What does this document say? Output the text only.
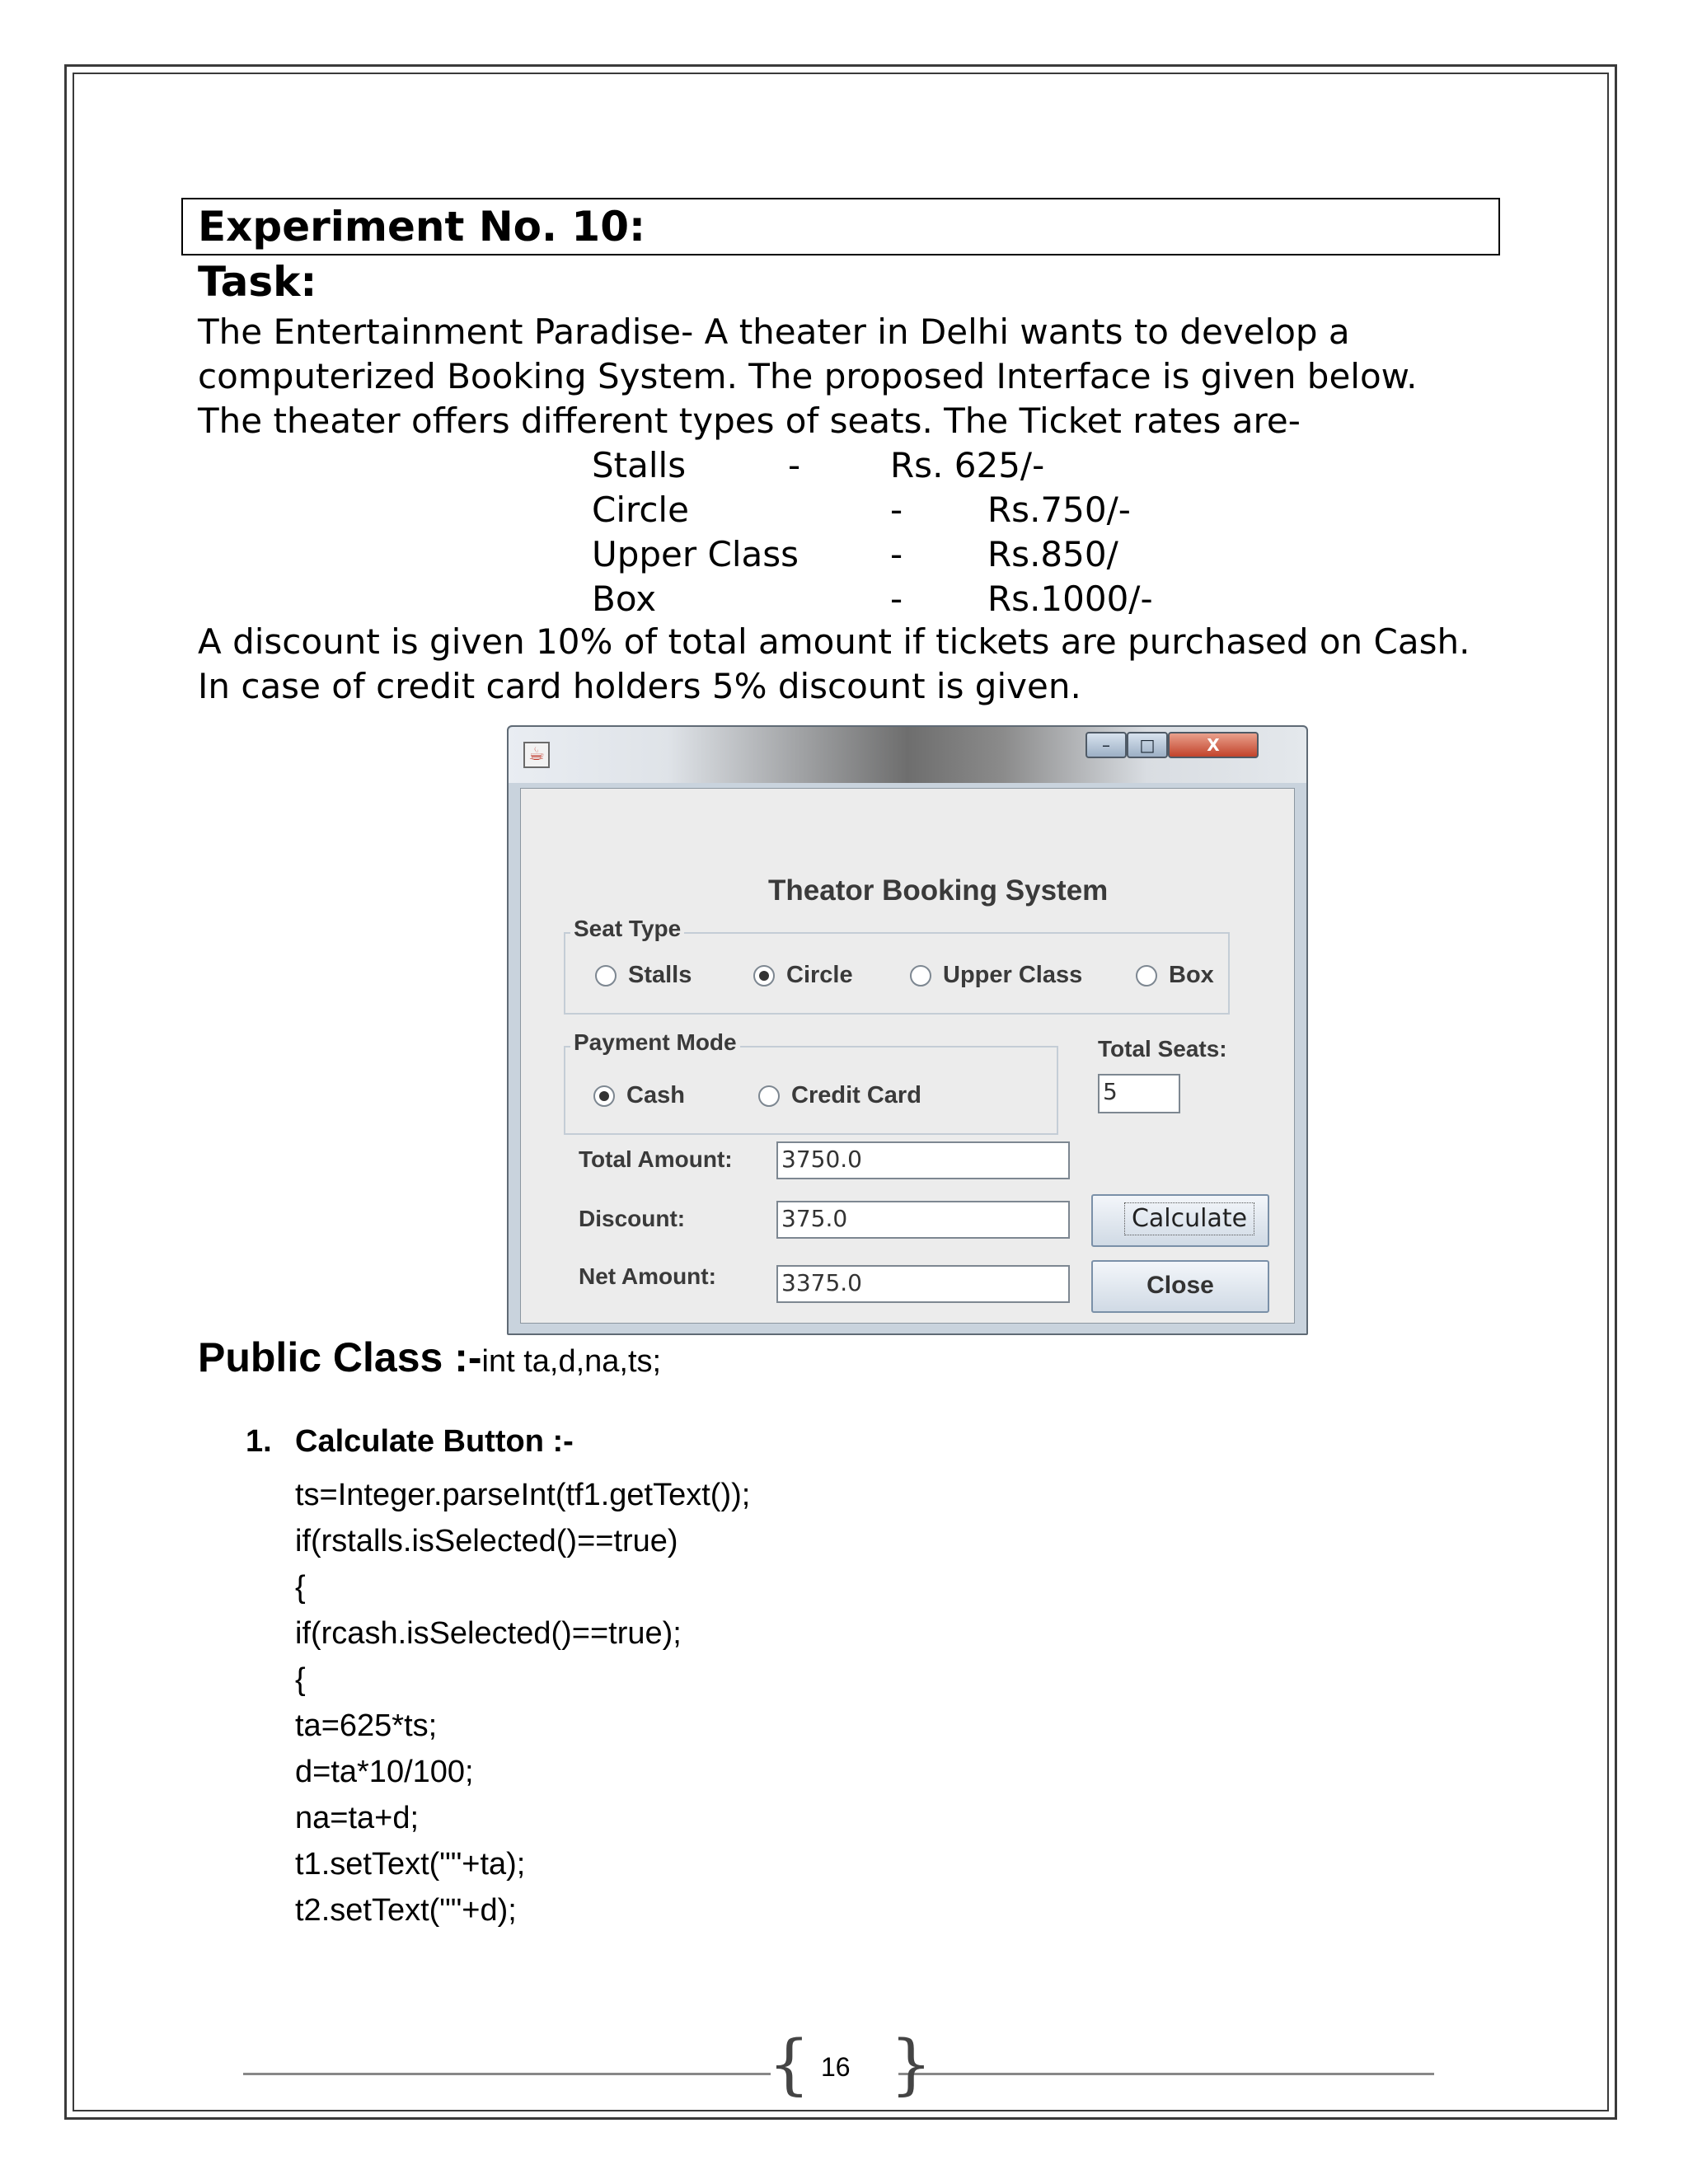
Experiment No. 10:
Task:
The Entertainment Paradise- A theater in Delhi wants to develop a
computerized Booking System. The proposed Interface is given below.
The theater offers different types of seats. The Ticket rates are-
Stalls	-	Rs. 625/-
Circle	- Rs.750/-
Upper Class	- Rs.850/
Box	- Rs.1000/-
A discount is given 10% of total amount if tickets are purchased on Cash.
In case of credit card holders 5% discount is given.
☕	–	□	X
Theator Booking System
Seat Type
Stalls	Circle	Upper Class	Box
Payment Mode
Cash	Credit Card
Total Seats:
5
Total Amount: 3750.0
Discount:	375.0
Net Amount:	3375.0
Calculate
Close
Public Class :-int ta,d,na,ts;
1. Calculate Button :-
ts=Integer.parseInt(tf1.getText());
if(rstalls.isSelected()==true)
{
if(rcash.isSelected()==true);
{
ta=625*ts;
d=ta*10/100;
na=ta+d;
t1.setText(""+ta);
t2.setText(""+d);
{ }
16
